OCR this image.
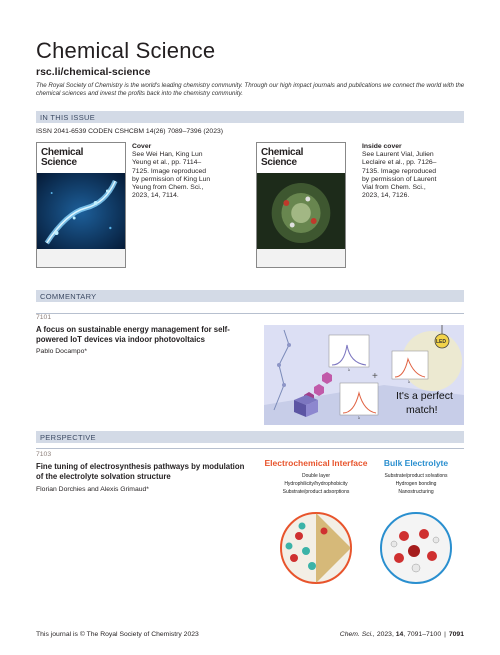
Chemical Science
rsc.li/chemical-science
The Royal Society of Chemistry is the world's leading chemistry community. Through our high impact journals and publications we connect the world with the chemical sciences and invest the profits back into the chemistry community.
IN THIS ISSUE
ISSN 2041-6539 CODEN CSHCBM 14(26) 7089–7396 (2023)
Chemical
Science
Cover
See Wei Han, King Lun Yeung et al., pp. 7114–7125. Image reproduced by permission of King Lun Yeung from Chem. Sci., 2023, 14, 7114.
Chemical
Science
Inside cover
See Laurent Vial, Julien Leclaire et al., pp. 7126–7135. Image reproduced by permission of Laurent Vial from Chem. Sci., 2023, 14, 7126.
COMMENTARY
7101
A focus on sustainable energy management for self-powered IoT devices via indoor photovoltaics
Pablo Docampo*
λ
λ
+
LED
λ
It's a perfect
match!
PERSPECTIVE
7103
Fine tuning of electrosynthesis pathways by modulation of the electrolyte solvation structure
Florian Dorchies and Alexis Grimaud*
Electrochemical Interface
Double layer
Hydrophilicity/hydrophobicity
Substrate/product adsorptions
Bulk Electrolyte
Substrate/product solvations
Hydrogen bonding
Nanostructuring
This journal is © The Royal Society of Chemistry 2023	Chem. Sci., 2023, 14, 7091–7100 | 7091
